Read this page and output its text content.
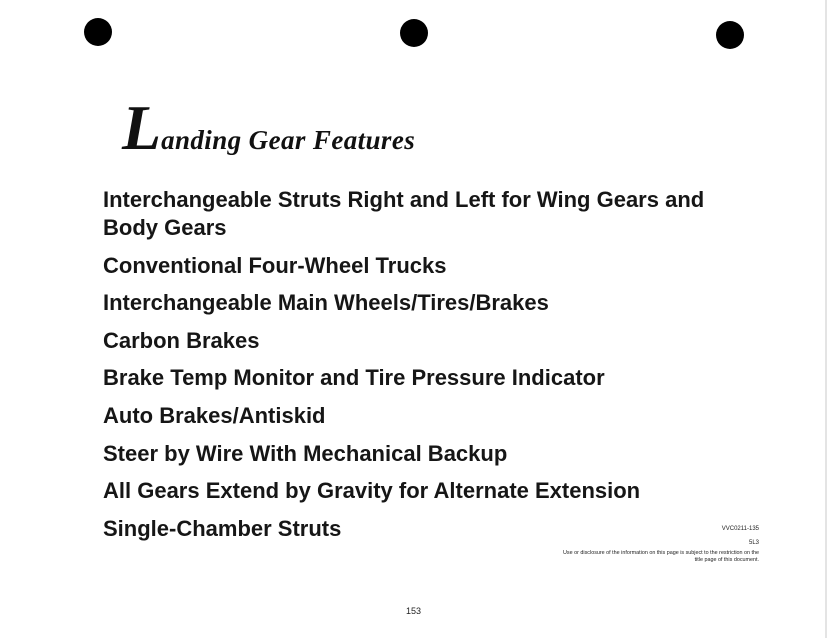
Landing Gear Features
Interchangeable Struts Right and Left for Wing Gears and Body Gears
Conventional Four-Wheel Trucks
Interchangeable Main Wheels/Tires/Brakes
Carbon Brakes
Brake Temp Monitor and Tire Pressure Indicator
Auto Brakes/Antiskid
Steer by Wire With Mechanical Backup
All Gears Extend by Gravity for Alternate Extension
Single-Chamber Struts	VVC0211-135
5L3
Use or disclosure of the information on this page is subject to the restriction on the title page of this document.
153
